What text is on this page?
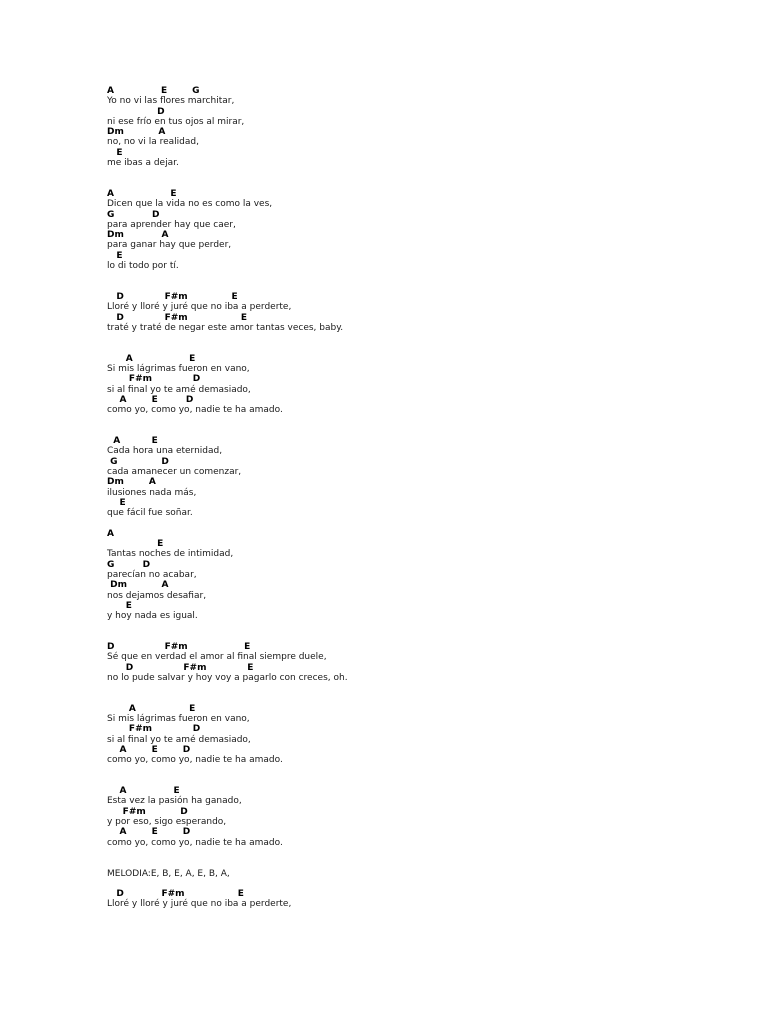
A               E        G
Yo no vi las flores marchitar,
D
ni ese frío en tus ojos al mirar,
Dm           A
no, no vi la realidad,
E
me ibas a dejar.
A                  E
Dicen que la vida no es como la ves,
G            D
para aprender hay que caer,
Dm            A
para ganar hay que perder,
E
lo di todo por tí.
D             F#m              E
Lloré y lloré y juré que no iba a perderte,
D             F#m                 E
traté y traté de negar este amor tantas veces, baby.
A                  E
Si mis lágrimas fueron en vano,
F#m             D
si al final yo te amé demasiado,
A        E         D
como yo, como yo, nadie te ha amado.
A          E
Cada hora una eternidad,
G              D
cada amanecer un comenzar,
Dm        A
ilusiones nada más,
E
que fácil fue soñar.
A
E
Tantas noches de intimidad,
G         D
parecían no acabar,
Dm           A
nos dejamos desafiar,
E
y hoy nada es igual.
D                F#m                  E
Sé que en verdad el amor al final siempre duele,
D                F#m             E
no lo pude salvar y hoy voy a pagarlo con creces, oh.
A                 E
Si mis lágrimas fueron en vano,
F#m             D
si al final yo te amé demasiado,
A        E        D
como yo, como yo, nadie te ha amado.
A               E
Esta vez la pasión ha ganado,
F#m           D
y por eso, sigo esperando,
A        E        D
como yo, como yo, nadie te ha amado.
MELODIA:E, B, E, A, E, B, A,
D            F#m                 E
Lloré y lloré y juré que no iba a perderte,
